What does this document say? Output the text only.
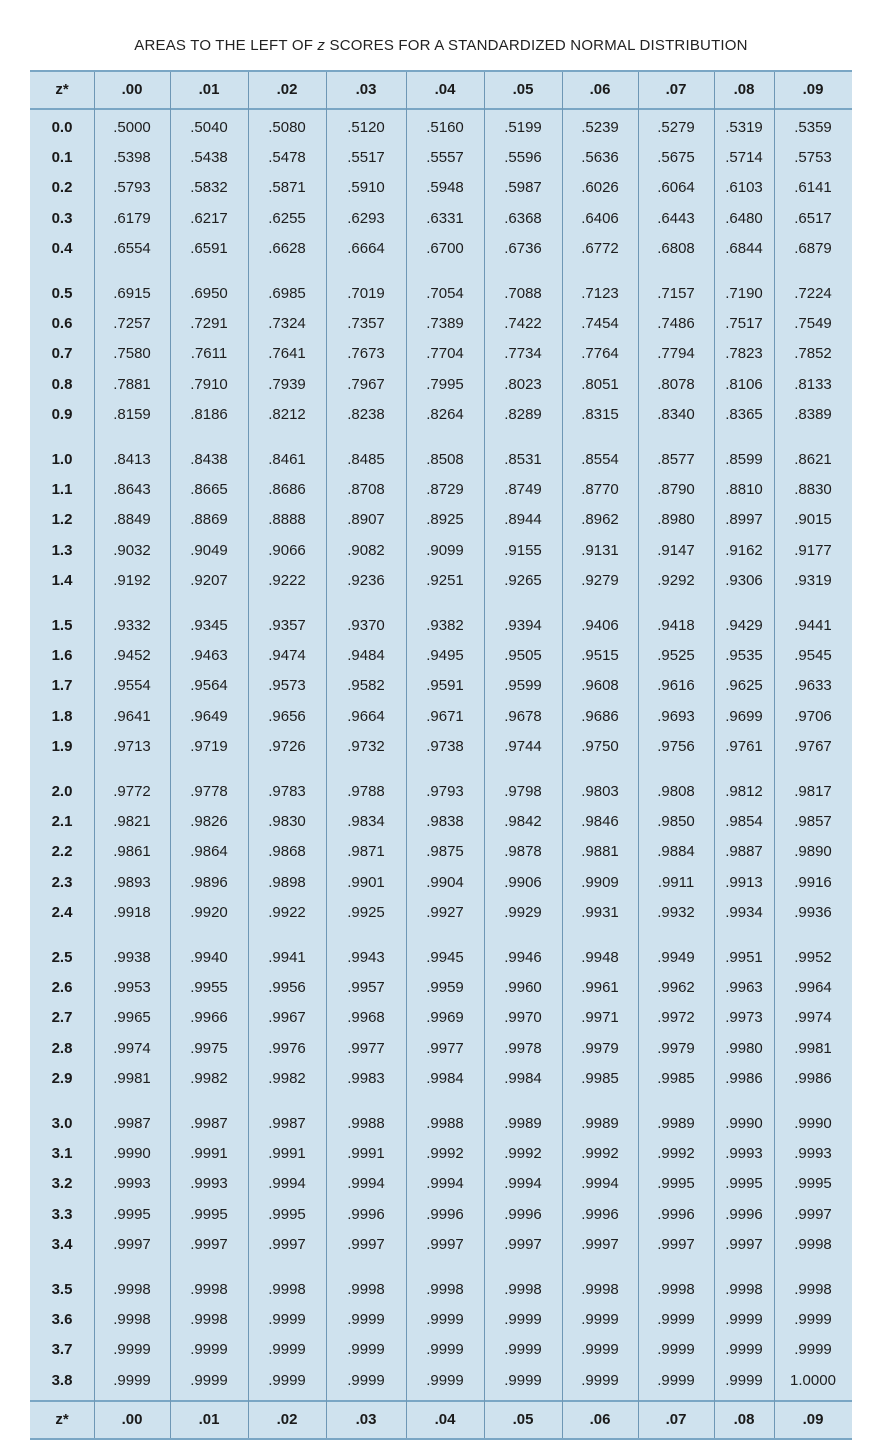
AREAS TO THE LEFT OF z SCORES FOR A STANDARDIZED NORMAL DISTRIBUTION
z*	.00	.01	.02	.03	.04	.05	.06	.07	.08	.09
0.0	.5000	.5040	.5080	.5120	.5160	.5199	.5239	.5279	.5319	.5359
0.1	.5398	.5438	.5478	.5517	.5557	.5596	.5636	.5675	.5714	.5753
0.2	.5793	.5832	.5871	.5910	.5948	.5987	.6026	.6064	.6103	.6141
0.3	.6179	.6217	.6255	.6293	.6331	.6368	.6406	.6443	.6480	.6517
0.4	.6554	.6591	.6628	.6664	.6700	.6736	.6772	.6808	.6844	.6879
0.5	.6915	.6950	.6985	.7019	.7054	.7088	.7123	.7157	.7190	.7224
0.6	.7257	.7291	.7324	.7357	.7389	.7422	.7454	.7486	.7517	.7549
0.7	.7580	.7611	.7641	.7673	.7704	.7734	.7764	.7794	.7823	.7852
0.8	.7881	.7910	.7939	.7967	.7995	.8023	.8051	.8078	.8106	.8133
0.9	.8159	.8186	.8212	.8238	.8264	.8289	.8315	.8340	.8365	.8389
1.0	.8413	.8438	.8461	.8485	.8508	.8531	.8554	.8577	.8599	.8621
1.1	.8643	.8665	.8686	.8708	.8729	.8749	.8770	.8790	.8810	.8830
1.2	.8849	.8869	.8888	.8907	.8925	.8944	.8962	.8980	.8997	.9015
1.3	.9032	.9049	.9066	.9082	.9099	.9155	.9131	.9147	.9162	.9177
1.4	.9192	.9207	.9222	.9236	.9251	.9265	.9279	.9292	.9306	.9319
1.5	.9332	.9345	.9357	.9370	.9382	.9394	.9406	.9418	.9429	.9441
1.6	.9452	.9463	.9474	.9484	.9495	.9505	.9515	.9525	.9535	.9545
1.7	.9554	.9564	.9573	.9582	.9591	.9599	.9608	.9616	.9625	.9633
1.8	.9641	.9649	.9656	.9664	.9671	.9678	.9686	.9693	.9699	.9706
1.9	.9713	.9719	.9726	.9732	.9738	.9744	.9750	.9756	.9761	.9767
2.0	.9772	.9778	.9783	.9788	.9793	.9798	.9803	.9808	.9812	.9817
2.1	.9821	.9826	.9830	.9834	.9838	.9842	.9846	.9850	.9854	.9857
2.2	.9861	.9864	.9868	.9871	.9875	.9878	.9881	.9884	.9887	.9890
2.3	.9893	.9896	.9898	.9901	.9904	.9906	.9909	.9911	.9913	.9916
2.4	.9918	.9920	.9922	.9925	.9927	.9929	.9931	.9932	.9934	.9936
2.5	.9938	.9940	.9941	.9943	.9945	.9946	.9948	.9949	.9951	.9952
2.6	.9953	.9955	.9956	.9957	.9959	.9960	.9961	.9962	.9963	.9964
2.7	.9965	.9966	.9967	.9968	.9969	.9970	.9971	.9972	.9973	.9974
2.8	.9974	.9975	.9976	.9977	.9977	.9978	.9979	.9979	.9980	.9981
2.9	.9981	.9982	.9982	.9983	.9984	.9984	.9985	.9985	.9986	.9986
3.0	.9987	.9987	.9987	.9988	.9988	.9989	.9989	.9989	.9990	.9990
3.1	.9990	.9991	.9991	.9991	.9992	.9992	.9992	.9992	.9993	.9993
3.2	.9993	.9993	.9994	.9994	.9994	.9994	.9994	.9995	.9995	.9995
3.3	.9995	.9995	.9995	.9996	.9996	.9996	.9996	.9996	.9996	.9997
3.4	.9997	.9997	.9997	.9997	.9997	.9997	.9997	.9997	.9997	.9998
3.5	.9998	.9998	.9998	.9998	.9998	.9998	.9998	.9998	.9998	.9998
3.6	.9998	.9998	.9999	.9999	.9999	.9999	.9999	.9999	.9999	.9999
3.7	.9999	.9999	.9999	.9999	.9999	.9999	.9999	.9999	.9999	.9999
3.8	.9999	.9999	.9999	.9999	.9999	.9999	.9999	.9999	.9999	1.0000
z*	.00	.01	.02	.03	.04	.05	.06	.07	.08	.09
